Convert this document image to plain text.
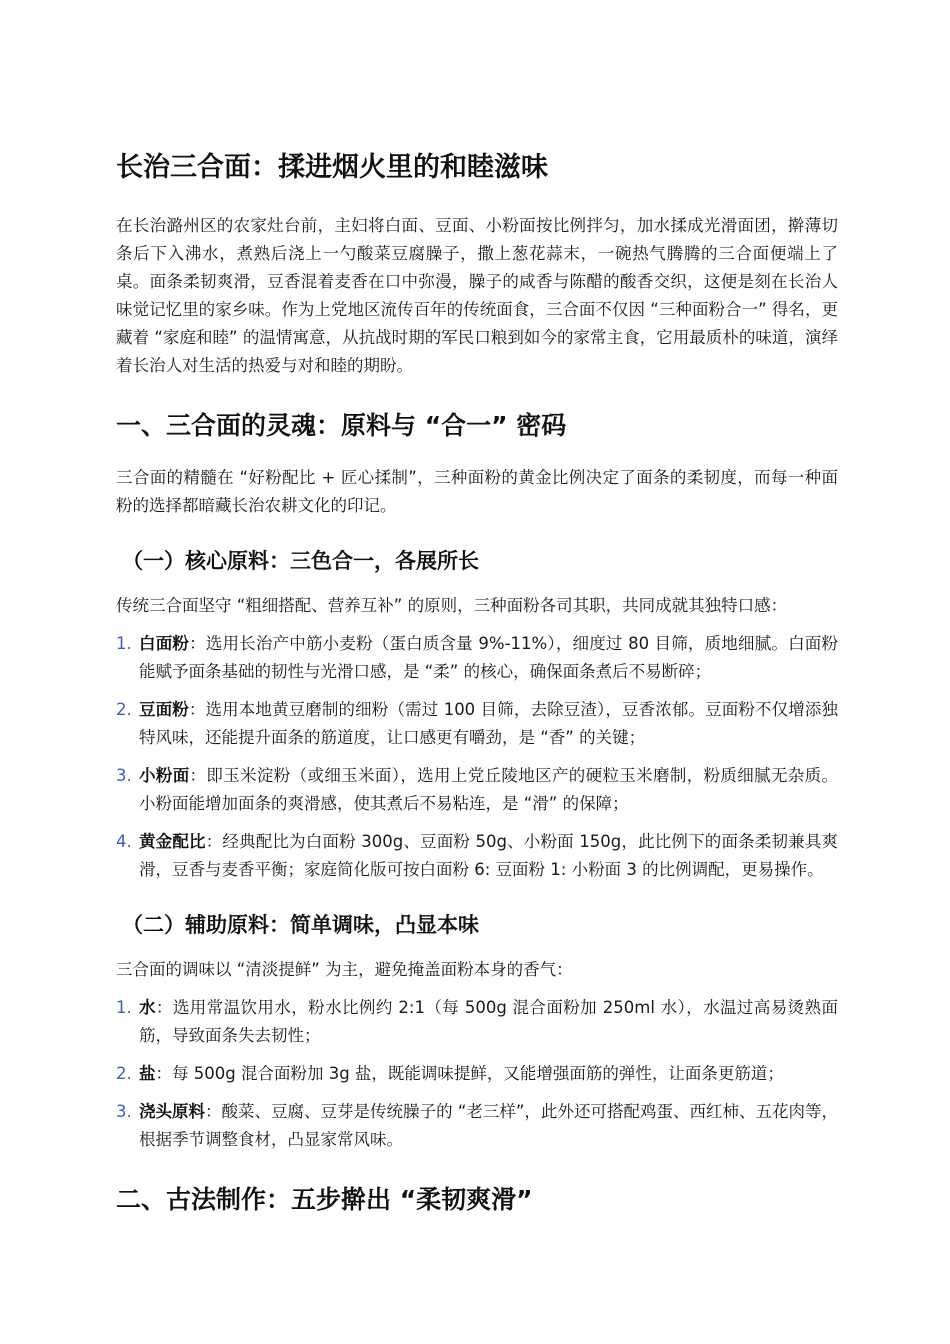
长治三合面：揉进烟火里的和睦滋味

在长治潞州区的农家灶台前，主妇将白面、豆面、小粉面按比例拌匀，加水揉成光滑面团，擀薄切条后下入沸水，煮熟后浇上一勺酸菜豆腐臊子，撒上葱花蒜末，一碗热气腾腾的三合面便端上了桌。面条柔韧爽滑，豆香混着麦香在口中弥漫，臊子的咸香与陈醋的酸香交织，这便是刻在长治人味觉记忆里的家乡味。作为上党地区流传百年的传统面食，三合面不仅因 “三种面粉合一” 得名，更藏着 “家庭和睦” 的温情寓意，从抗战时期的军民口粮到如今的家常主食，它用最质朴的味道，演绎着长治人对生活的热爱与对和睦的期盼。

一、三合面的灵魂：原料与 “合一” 密码

三合面的精髓在 “好粉配比 + 匠心揉制”，三种面粉的黄金比例决定了面条的柔韧度，而每一种面粉的选择都暗藏长治农耕文化的印记。

（一）核心原料：三色合一，各展所长

传统三合面坚守 “粗细搭配、营养互补” 的原则，三种面粉各司其职，共同成就其独特口感：

1. 白面粉：选用长治产中筋小麦粉（蛋白质含量 9%-11%），细度过 80 目筛，质地细腻。白面粉能赋予面条基础的韧性与光滑口感，是 “柔” 的核心，确保面条煮后不易断碎；
2. 豆面粉：选用本地黄豆磨制的细粉（需过 100 目筛，去除豆渣），豆香浓郁。豆面粉不仅增添独特风味，还能提升面条的筋道度，让口感更有嚼劲，是 “香” 的关键；
3. 小粉面：即玉米淀粉（或细玉米面），选用上党丘陵地区产的硬粒玉米磨制，粉质细腻无杂质。小粉面能增加面条的爽滑感，使其煮后不易粘连，是 “滑” 的保障；
4. 黄金配比：经典配比为白面粉 300g、豆面粉 50g、小粉面 150g，此比例下的面条柔韧兼具爽滑，豆香与麦香平衡；家庭简化版可按白面粉 6: 豆面粉 1: 小粉面 3 的比例调配，更易操作。
（二）辅助原料：简单调味，凸显本味

三合面的调味以 “清淡提鲜” 为主，避免掩盖面粉本身的香气：

1. 水：选用常温饮用水，粉水比例约 2:1（每 500g 混合面粉加 250ml 水），水温过高易烫熟面筋，导致面条失去韧性；
2. 盐：每 500g 混合面粉加 3g 盐，既能调味提鲜，又能增强面筋的弹性，让面条更筋道；
3. 浇头原料：酸菜、豆腐、豆芽是传统臊子的 “老三样”，此外还可搭配鸡蛋、西红柿、五花肉等，根据季节调整食材，凸显家常风味。
二、古法制作：五步擀出 “柔韧爽滑”
